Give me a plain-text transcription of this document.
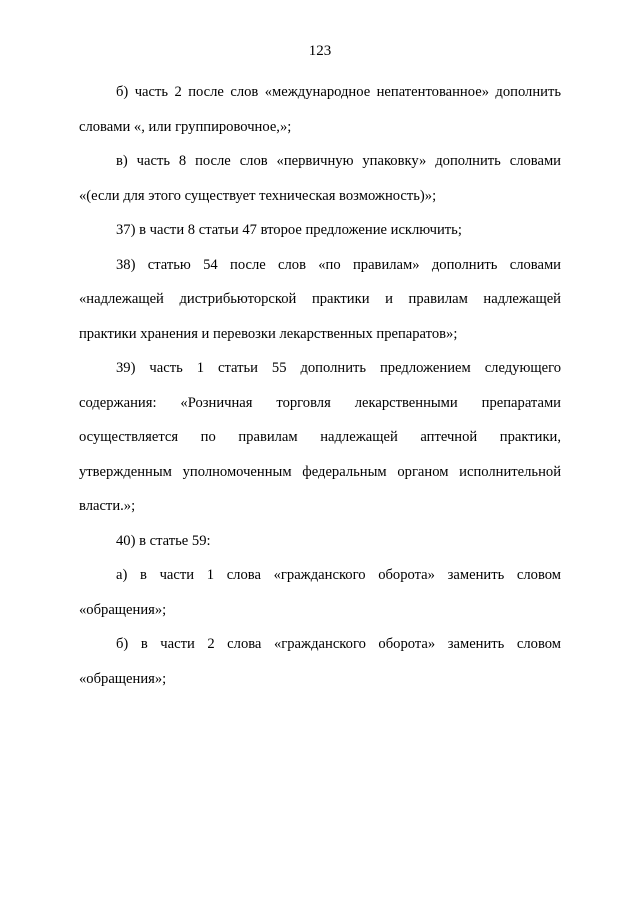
123

б) часть 2 после слов «международное непатентованное» дополнить словами «, или группировочное,»;

в) часть 8 после слов «первичную упаковку» дополнить словами «(если для этого существует техническая возможность)»;

37) в части 8 статьи 47 второе предложение исключить;

38) статью 54 после слов «по правилам» дополнить словами «надлежащей дистрибьюторской практики и правилам надлежащей практики хранения и перевозки лекарственных препаратов»;

39) часть 1 статьи 55 дополнить предложением следующего содержания: «Розничная торговля лекарственными препаратами осуществляется по правилам надлежащей аптечной практики, утвержденным уполномоченным федеральным органом исполнительной власти.»;

40) в статье 59:

а) в части 1 слова «гражданского оборота» заменить словом «обращения»;

б) в части 2 слова «гражданского оборота» заменить словом «обращения»;
